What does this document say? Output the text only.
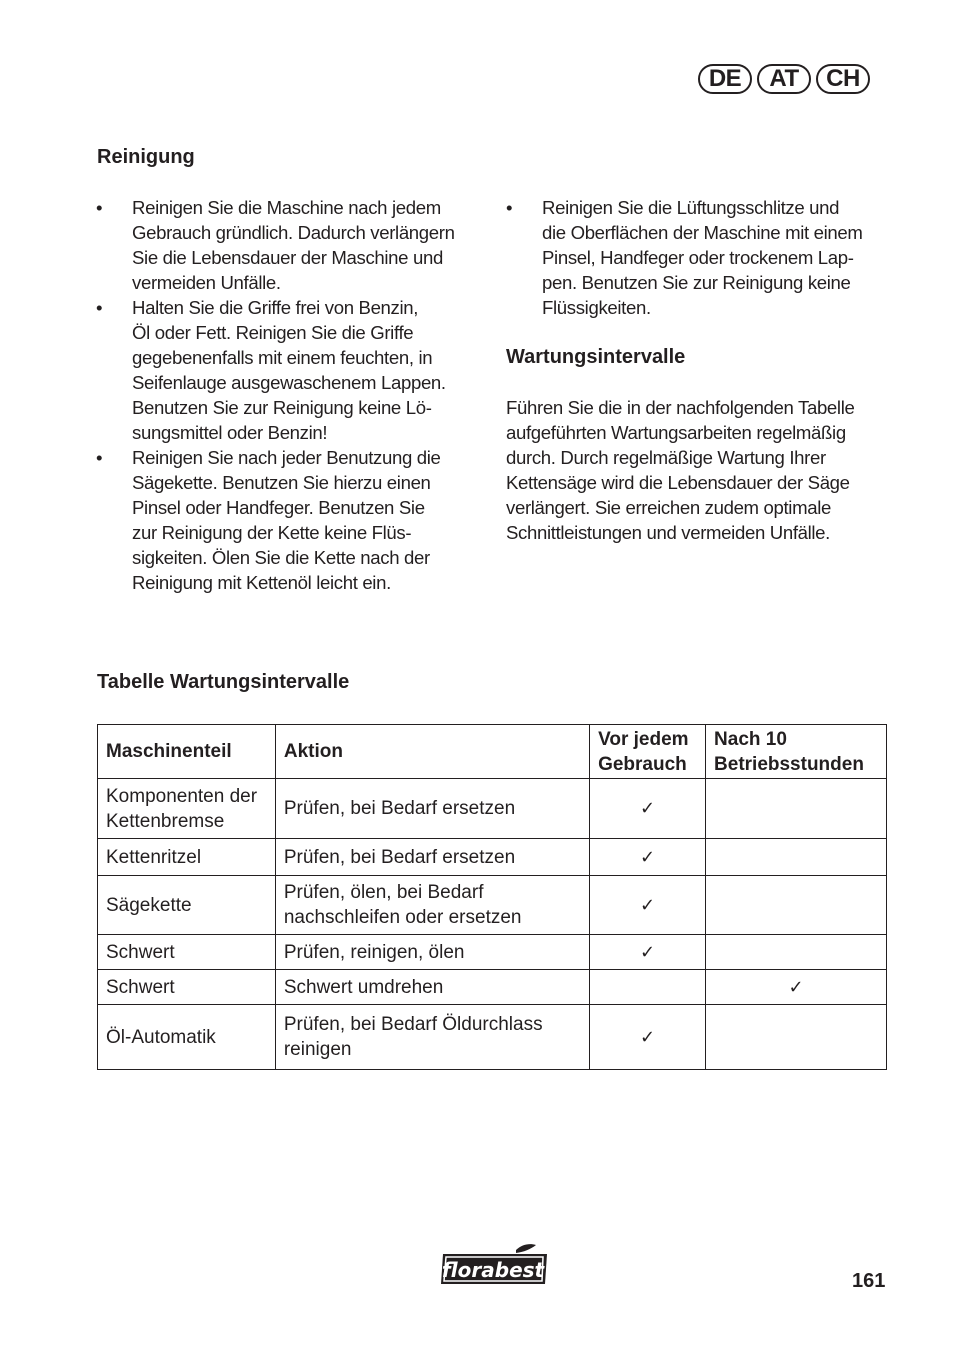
DE	AT	CH
Reinigung
• Reinigen Sie die Maschine nach jedem
Gebrauch gründlich. Dadurch verlängern
Sie die Lebensdauer der Maschine und
vermeiden Unfälle.
• Halten Sie die Griffe frei von Benzin,
Öl oder Fett. Reinigen Sie die Griffe
gegebenenfalls mit einem feuchten, in
Seifenlauge ausgewaschenem Lappen.
Benutzen Sie zur Reinigung keine Lö-
sungsmittel oder Benzin!
• Reinigen Sie nach jeder Benutzung die
Sägekette. Benutzen Sie hierzu einen
Pinsel oder Handfeger. Benutzen Sie
zur Reinigung der Kette keine Flüs-
sigkeiten. Ölen Sie die Kette nach der
Reinigung mit Kettenöl leicht ein.
• Reinigen Sie die Lüftungsschlitze und
die Oberflächen der Maschine mit einem
Pinsel, Handfeger oder trockenem Lap-
pen. Benutzen Sie zur Reinigung keine
Flüssigkeiten.
Wartungsintervalle

Führen Sie die in der nachfolgenden Tabelle
aufgeführten Wartungsarbeiten regelmäßig
durch. Durch regelmäßige Wartung Ihrer
Kettensäge wird die Lebensdauer der Säge
verlängert. Sie erreichen zudem optimale
Schnittleistungen und vermeiden Unfälle.

Tabelle Wartungsintervalle
Maschinenteil	Aktion	Vor jedem
Gebrauch	Nach 10
Betriebsstunden
Komponenten der
Kettenbremse	Prüfen, bei Bedarf ersetzen	✓	
Kettenritzel	Prüfen, bei Bedarf ersetzen	✓	
Sägekette	Prüfen, ölen, bei Bedarf
nachschleifen oder ersetzen	✓	
Schwert	Prüfen, reinigen, ölen	✓	
Schwert	Schwert umdrehen		✓
Öl-Automatik	Prüfen, bei Bedarf Öldurchlass
reinigen	✓	
florabest	161
